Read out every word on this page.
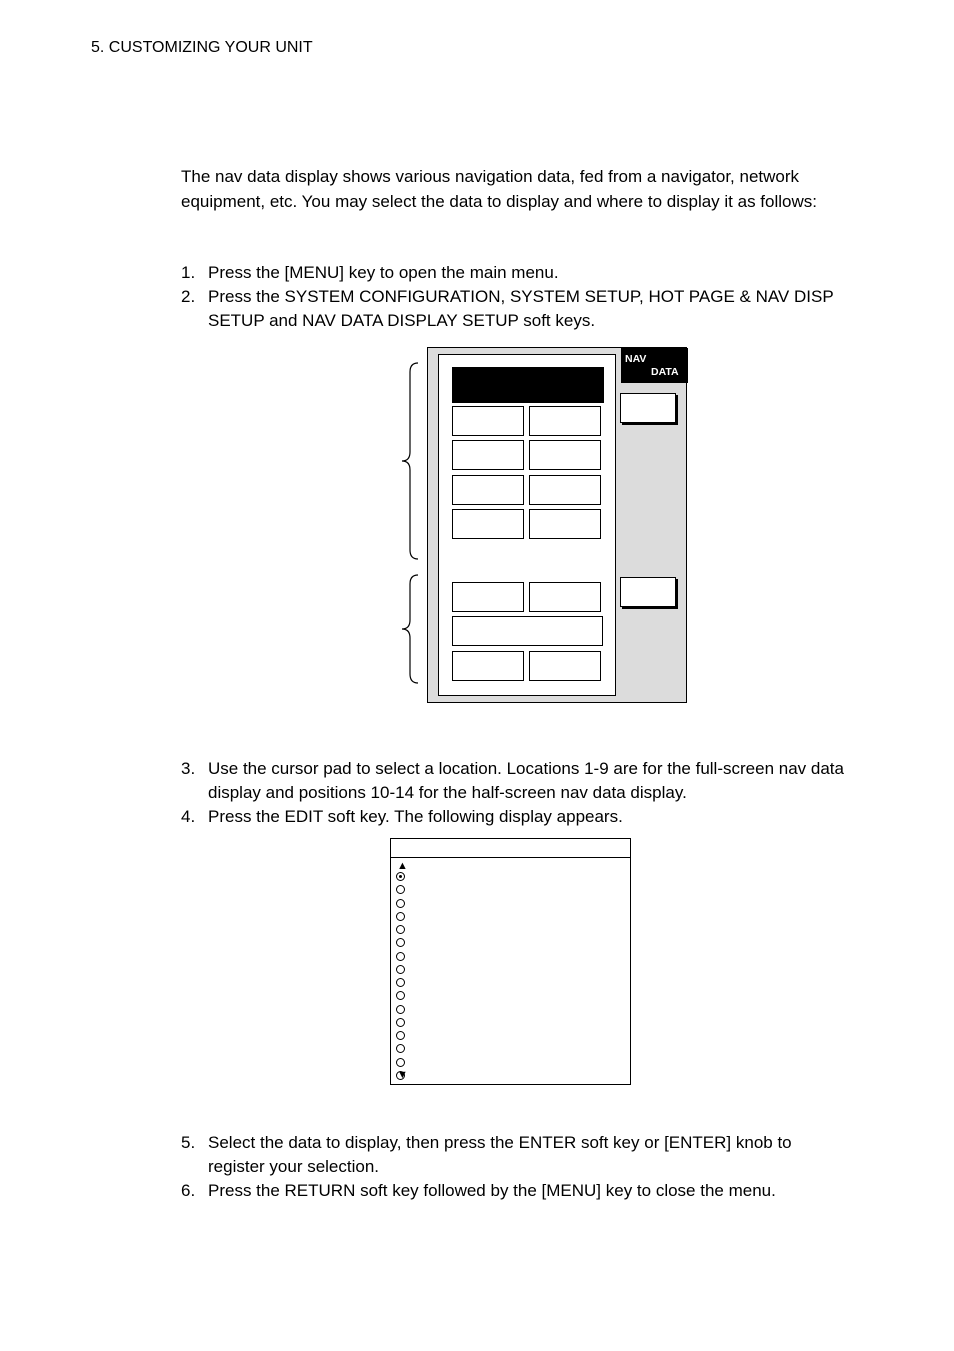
5. CUSTOMIZING YOUR UNIT
The nav data display shows various navigation data, fed from a navigator, network equipment, etc. You may select the data to display and where to display it as follows:
1. Press the [MENU] key to open the main menu.
2. Press the SYSTEM CONFIGURATION, SYSTEM SETUP, HOT PAGE & NAV DISP SETUP and NAV DATA DISPLAY SETUP soft keys.
NAV
DATA
3. Use the cursor pad to select a location. Locations 1-9 are for the full-screen nav data display and positions 10-14 for the half-screen nav data display.
4. Press the EDIT soft key. The following display appears.
▲
▼
5. Select the data to display, then press the ENTER soft key or [ENTER] knob to register your selection.
6. Press the RETURN soft key followed by the [MENU] key to close the menu.
